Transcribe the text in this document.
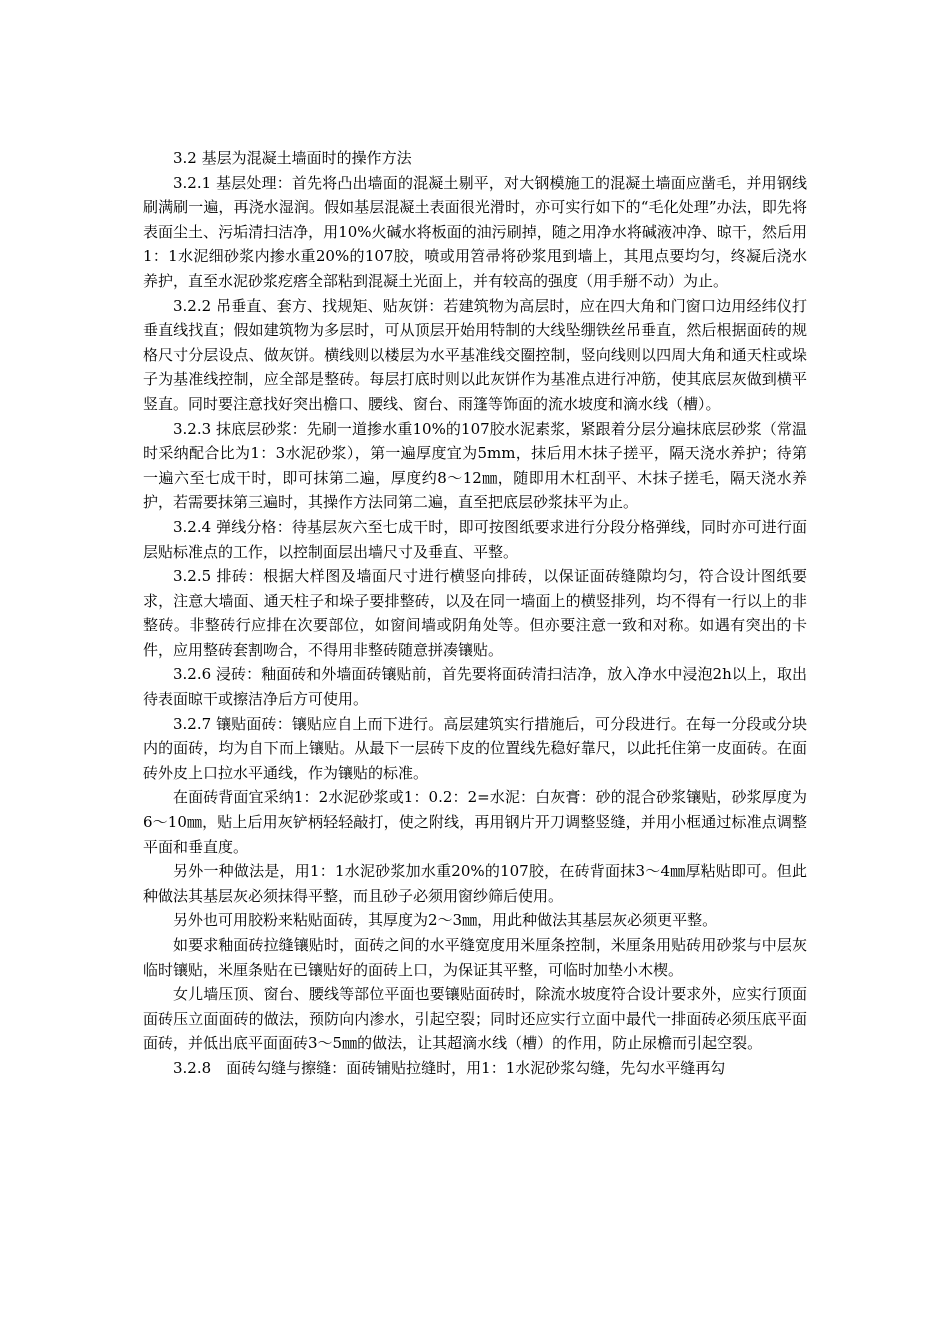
3.2 基层为混凝土墙面时的操作方法

3.2.1 基层处理：首先将凸出墙面的混凝土剔平，对大钢模施工的混凝土墙面应凿毛，并用钢线刷满刷一遍，再浇水湿润。假如基层混凝土表面很光滑时，亦可实行如下的“毛化处理”办法，即先将表面尘土、污垢清扫洁净，用10%火碱水将板面的油污刷掉，随之用净水将碱液冲净、晾干，然后用1：1水泥细砂浆内掺水重20%的107胶，喷或用笤帚将砂浆甩到墙上，其甩点要均匀，终凝后浇水养护，直至水泥砂浆疙瘩全部粘到混凝土光面上，并有较高的强度（用手掰不动）为止。

3.2.2 吊垂直、套方、找规矩、贴灰饼：若建筑物为高层时，应在四大角和门窗口边用经纬仪打垂直线找直；假如建筑物为多层时，可从顶层开始用特制的大线坠绷铁丝吊垂直，然后根据面砖的规格尺寸分层设点、做灰饼。横线则以楼层为水平基准线交圈控制，竖向线则以四周大角和通天柱或垛子为基准线控制，应全部是整砖。每层打底时则以此灰饼作为基准点进行冲筋，使其底层灰做到横平竖直。同时要注意找好突出檐口、腰线、窗台、雨篷等饰面的流水坡度和滴水线（槽）。

3.2.3 抹底层砂浆：先刷一道掺水重10%的107胶水泥素浆，紧跟着分层分遍抹底层砂浆（常温时采纳配合比为1：3水泥砂浆），第一遍厚度宜为5mm，抹后用木抹子搓平，隔天浇水养护；待第一遍六至七成干时，即可抹第二遍，厚度约8～12㎜，随即用木杠刮平、木抹子搓毛，隔天浇水养护，若需要抹第三遍时，其操作方法同第二遍，直至把底层砂浆抹平为止。

3.2.4 弹线分格：待基层灰六至七成干时，即可按图纸要求进行分段分格弹线，同时亦可进行面层贴标准点的工作，以控制面层出墙尺寸及垂直、平整。

3.2.5 排砖：根据大样图及墙面尺寸进行横竖向排砖，以保证面砖缝隙均匀，符合设计图纸要求，注意大墙面、通天柱子和垛子要排整砖，以及在同一墙面上的横竖排列，均不得有一行以上的非整砖。非整砖行应排在次要部位，如窗间墙或阴角处等。但亦要注意一致和对称。如遇有突出的卡件，应用整砖套割吻合，不得用非整砖随意拼凑镶贴。

3.2.6 浸砖：釉面砖和外墙面砖镶贴前，首先要将面砖清扫洁净，放入净水中浸泡2h以上，取出待表面晾干或擦洁净后方可使用。

3.2.7 镶贴面砖：镶贴应自上而下进行。高层建筑实行措施后，可分段进行。在每一分段或分块内的面砖，均为自下而上镶贴。从最下一层砖下皮的位置线先稳好靠尺，以此托住第一皮面砖。在面砖外皮上口拉水平通线，作为镶贴的标准。

在面砖背面宜采纳1：2水泥砂浆或1：0.2：2=水泥：白灰膏：砂的混合砂浆镶贴，砂浆厚度为6～10㎜，贴上后用灰铲柄轻轻敲打，使之附线，再用钢片开刀调整竖缝，并用小框通过标准点调整平面和垂直度。

另外一种做法是，用1：1水泥砂浆加水重20%的107胶，在砖背面抹3～4㎜厚粘贴即可。但此种做法其基层灰必须抹得平整，而且砂子必须用窗纱筛后使用。

另外也可用胶粉来粘贴面砖，其厚度为2～3㎜，用此种做法其基层灰必须更平整。

如要求釉面砖拉缝镶贴时，面砖之间的水平缝宽度用米厘条控制，米厘条用贴砖用砂浆与中层灰临时镶贴，米厘条贴在已镶贴好的面砖上口，为保证其平整，可临时加垫小木楔。

女儿墙压顶、窗台、腰线等部位平面也要镶贴面砖时，除流水坡度符合设计要求外，应实行顶面面砖压立面面砖的做法，预防向内渗水，引起空裂；同时还应实行立面中最代一排面砖必须压底平面面砖，并低出底平面面砖3～5㎜的做法，让其超滴水线（槽）的作用，防止尿檐而引起空裂。

3.2.8　面砖勾缝与擦缝：面砖铺贴拉缝时，用1：1水泥砂浆勾缝，先勾水平缝再勾
